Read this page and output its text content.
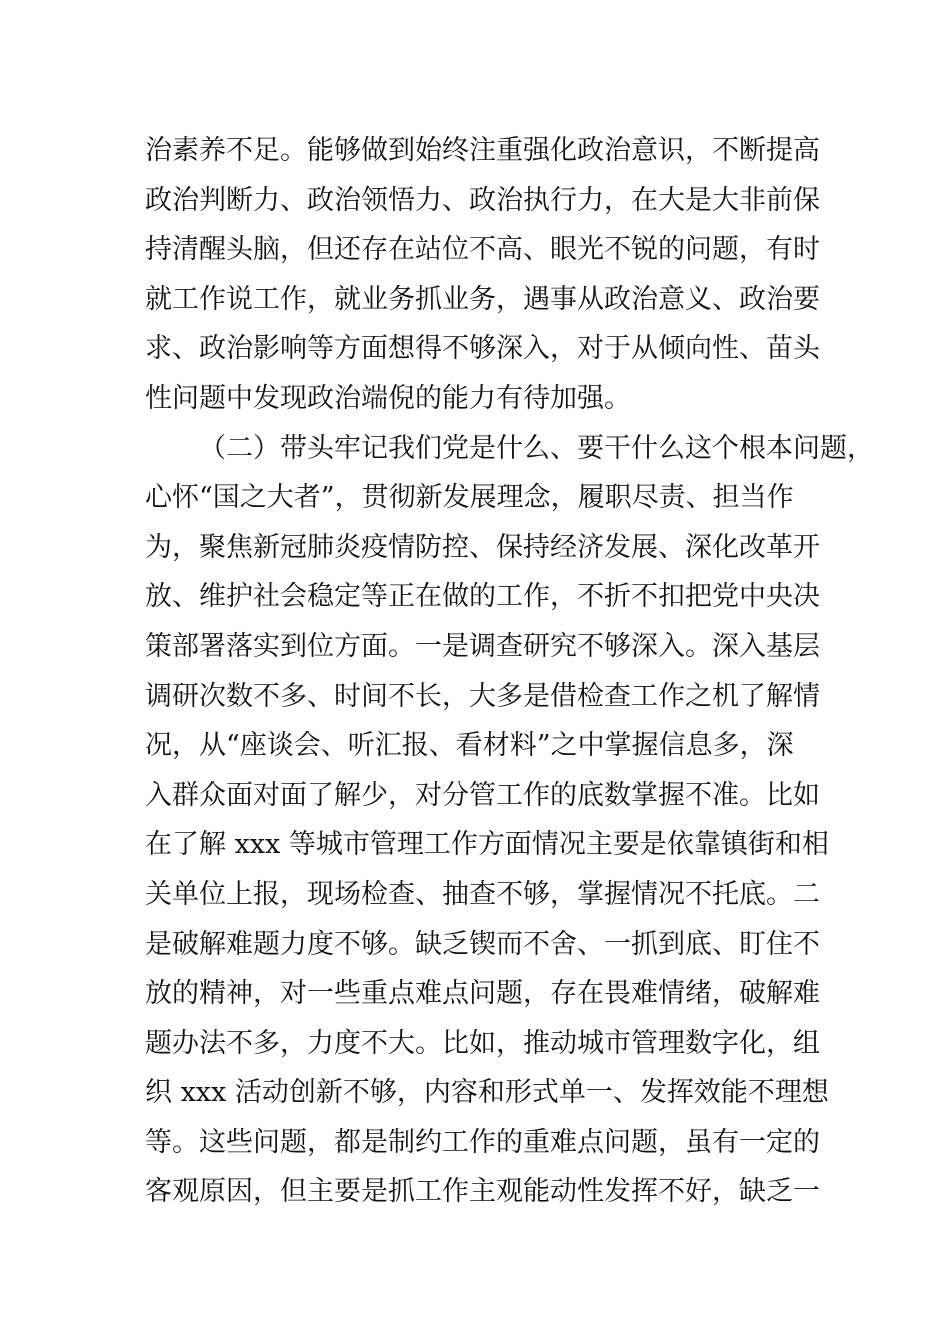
治素养不足。能够做到始终注重强化政治意识，不断提高
政治判断力、政治领悟力、政治执行力，在大是大非前保
持清醒头脑，但还存在站位不高、眼光不锐的问题，有时
就工作说工作，就业务抓业务，遇事从政治意义、政治要
求、政治影响等方面想得不够深入，对于从倾向性、苗头
性问题中发现政治端倪的能力有待加强。
（二）带头牢记我们党是什么、要干什么这个根本问题，
心怀“国之大者”，贯彻新发展理念，履职尽责、担当作
为，聚焦新冠肺炎疫情防控、保持经济发展、深化改革开
放、维护社会稳定等正在做的工作，不折不扣把党中央决
策部署落实到位方面。一是调查研究不够深入。深入基层
调研次数不多、时间不长，大多是借检查工作之机了解情
况，从“座谈会、听汇报、看材料”之中掌握信息多，深
入群众面对面了解少，对分管工作的底数掌握不准。比如
在了解 xxx 等城市管理工作方面情况主要是依靠镇街和相
关单位上报，现场检查、抽查不够，掌握情况不托底。二
是破解难题力度不够。缺乏锲而不舍、一抓到底、盯住不
放的精神，对一些重点难点问题，存在畏难情绪，破解难
题办法不多，力度不大。比如，推动城市管理数字化，组
织 xxx 活动创新不够，内容和形式单一、发挥效能不理想
等。这些问题，都是制约工作的重难点问题，虽有一定的
客观原因，但主要是抓工作主观能动性发挥不好，缺乏一
